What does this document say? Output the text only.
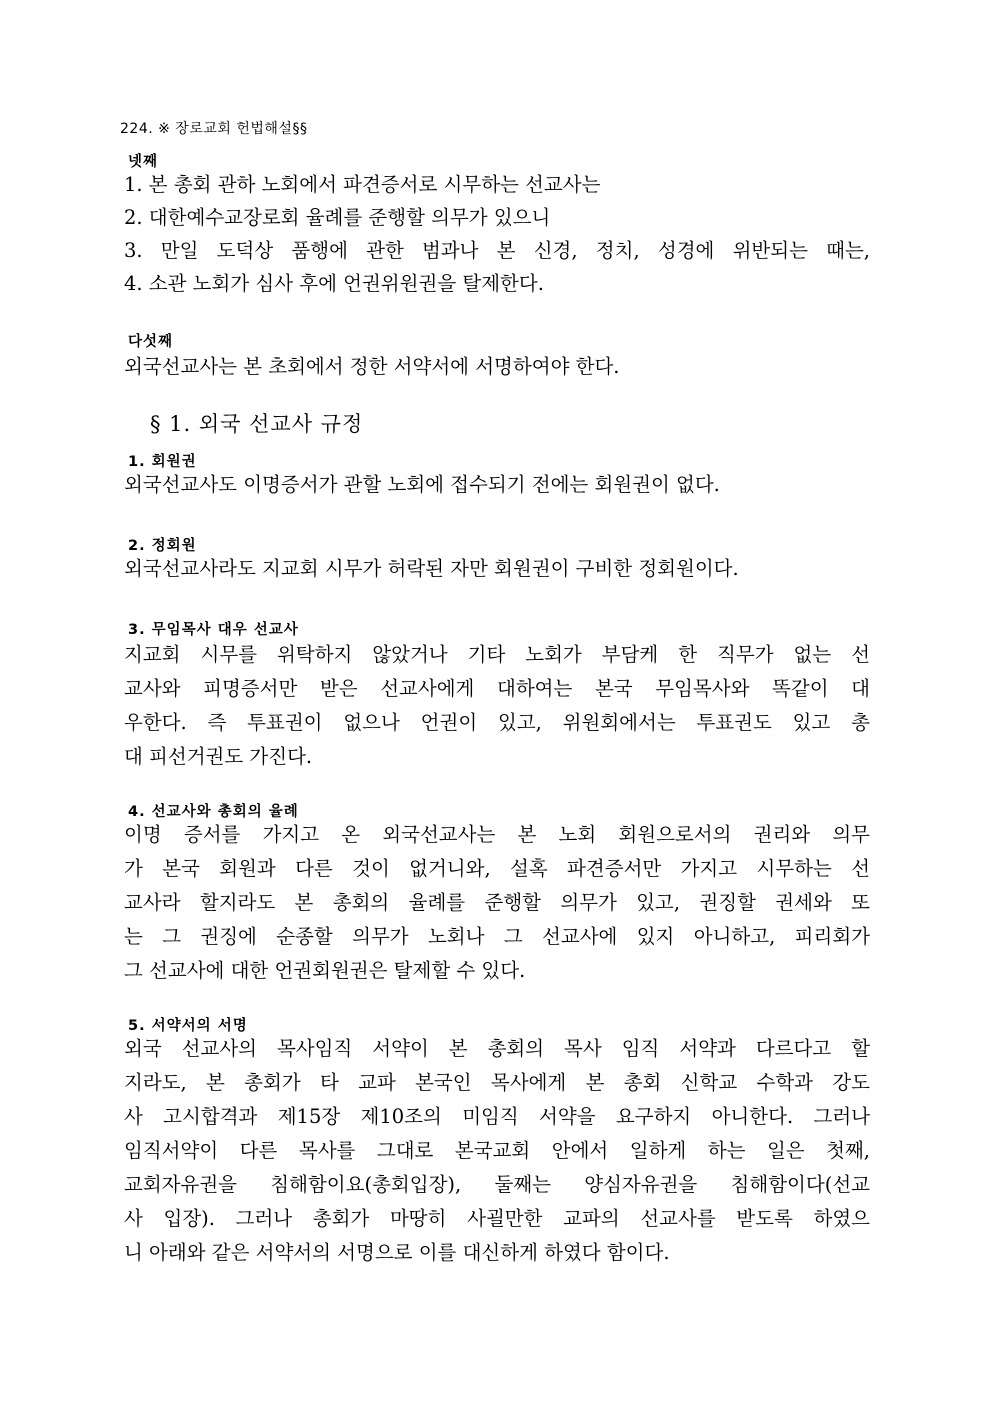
224. ※ 장로교회 헌법해설§§
넷째
1. 본 총회 관하 노회에서 파견증서로 시무하는 선교사는
2. 대한예수교장로회 율례를 준행할 의무가 있으니
3. 만일 도덕상 품행에 관한 범과나 본 신경, 정치, 성경에 위반되는 때는,
4. 소관 노회가 심사 후에 언권위원권을 탈제한다.
다섯째
외국선교사는 본 초회에서 정한 서약서에 서명하여야 한다.
§ 1. 외국 선교사 규정
1. 회원권
외국선교사도 이명증서가 관할 노회에 접수되기 전에는 회원권이 없다.
2. 정회원
외국선교사라도 지교회 시무가 허락된 자만 회원권이 구비한 정회원이다.
3. 무임목사 대우 선교사
지교회 시무를 위탁하지 않았거나 기타 노회가 부담케 한 직무가 없는 선
교사와 피명증서만 받은 선교사에게 대하여는 본국 무임목사와 똑같이 대
우한다. 즉 투표권이 없으나 언권이 있고, 위원회에서는 투표권도 있고 총
대 피선거권도 가진다.
4. 선교사와 총회의 율례
이명 증서를 가지고 온 외국선교사는 본 노회 회원으로서의 권리와 의무
가 본국 회원과 다른 것이 없거니와, 설혹 파견증서만 가지고 시무하는 선
교사라 할지라도 본 총회의 율례를 준행할 의무가 있고, 권징할 권세와 또
는 그 권징에 순종할 의무가 노회나 그 선교사에 있지 아니하고, 피리회가
그 선교사에 대한 언권회원권은 탈제할 수 있다.
5. 서약서의 서명
외국 선교사의 목사임직 서약이 본 총회의 목사 임직 서약과 다르다고 할
지라도, 본 총회가 타 교파 본국인 목사에게 본 총회 신학교 수학과 강도
사 고시합격과 제15장 제10조의 미임직 서약을 요구하지 아니한다. 그러나
임직서약이 다른 목사를 그대로 본국교회 안에서 일하게 하는 일은 첫째,
교회자유권을 침해함이요(총회입장), 둘째는 양심자유권을 침해함이다(선교
사 입장). 그러나 총회가 마땅히 사괼만한 교파의 선교사를 받도록 하였으
니 아래와 같은 서약서의 서명으로 이를 대신하게 하였다 함이다.
